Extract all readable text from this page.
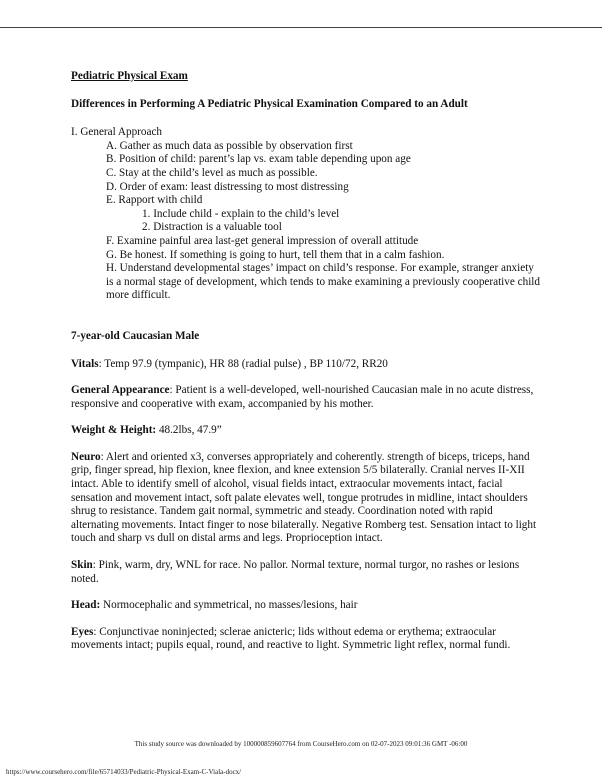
Pediatric Physical Exam
Differences in Performing A Pediatric Physical Examination Compared to an Adult
I. General Approach
A. Gather as much data as possible by observation first
B. Position of child: parent’s lap vs. exam table depending upon age
C. Stay at the child’s level as much as possible.
D. Order of exam: least distressing to most distressing
E. Rapport with child
1. Include child - explain to the child’s level
2. Distraction is a valuable tool
F. Examine painful area last-get general impression of overall attitude
G. Be honest. If something is going to hurt, tell them that in a calm fashion.
H. Understand developmental stages’ impact on child’s response. For example, stranger anxiety is a normal stage of development, which tends to make examining a previously cooperative child more difficult.
7-year-old Caucasian Male
Vitals: Temp 97.9 (tympanic), HR 88 (radial pulse) , BP 110/72, RR20
General Appearance: Patient is a well-developed, well-nourished Caucasian male in no acute distress, responsive and cooperative with exam, accompanied by his mother.
Weight & Height: 48.2lbs, 47.9”
Neuro: Alert and oriented x3, converses appropriately and coherently. strength of biceps, triceps, hand grip, finger spread, hip flexion, knee flexion, and knee extension 5/5 bilaterally. Cranial nerves II-XII intact. Able to identify smell of alcohol, visual fields intact, extraocular movements intact, facial sensation and movement intact, soft palate elevates well, tongue protrudes in midline, intact shoulders shrug to resistance. Tandem gait normal, symmetric and steady. Coordination noted with rapid alternating movements. Intact finger to nose bilaterally. Negative Romberg test. Sensation intact to light touch and sharp vs dull on distal arms and legs. Proprioception intact.
Skin: Pink, warm, dry, WNL for race. No pallor. Normal texture, normal turgor, no rashes or lesions noted.
Head: Normocephalic and symmetrical, no masses/lesions, hair
Eyes: Conjunctivae noninjected; sclerae anicteric; lids without edema or erythema; extraocular movements intact; pupils equal, round, and reactive to light. Symmetric light reflex, normal fundi.
This study source was downloaded by 100000859607764 from CourseHero.com on 02-07-2023 09:01:36 GMT -06:00
https://www.coursehero.com/file/65714033/Pediatric-Physical-Exam-C-Viala-docx/
